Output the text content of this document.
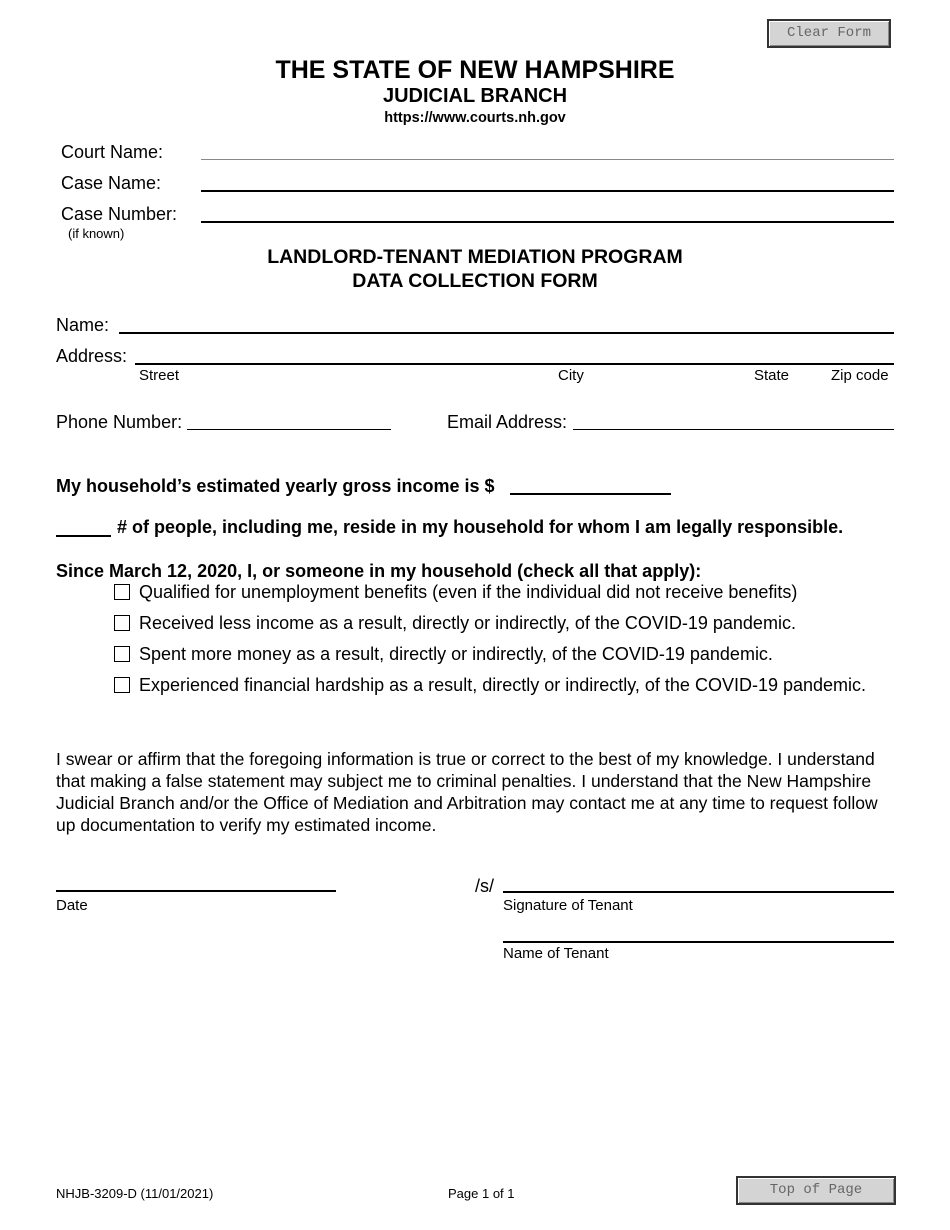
Clear Form
THE STATE OF NEW HAMPSHIRE
JUDICIAL BRANCH
https://www.courts.nh.gov
Court Name:
Case Name:
Case Number:
(if known)
LANDLORD-TENANT MEDIATION PROGRAM
DATA COLLECTION FORM
Name:
Address:
Street	City	State	Zip code
Phone Number:	Email Address:
My household’s estimated yearly gross income is $
# of people, including me, reside in my household for whom I am legally responsible.
Since March 12, 2020, I, or someone in my household (check all that apply):
Qualified for unemployment benefits (even if the individual did not receive benefits)
Received less income as a result, directly or indirectly, of the COVID-19 pandemic.
Spent more money as a result, directly or indirectly, of the COVID-19 pandemic.
Experienced financial hardship as a result, directly or indirectly, of the COVID-19 pandemic.
I swear or affirm that the foregoing information is true or correct to the best of my knowledge. I understand that making a false statement may subject me to criminal penalties. I understand that the New Hampshire Judicial Branch and/or the Office of Mediation and Arbitration may contact me at any time to request follow up documentation to verify my estimated income.
Date
/s/
Signature of Tenant
Name of Tenant
NHJB-3209-D (11/01/2021)	Page 1 of 1	Top of Page
